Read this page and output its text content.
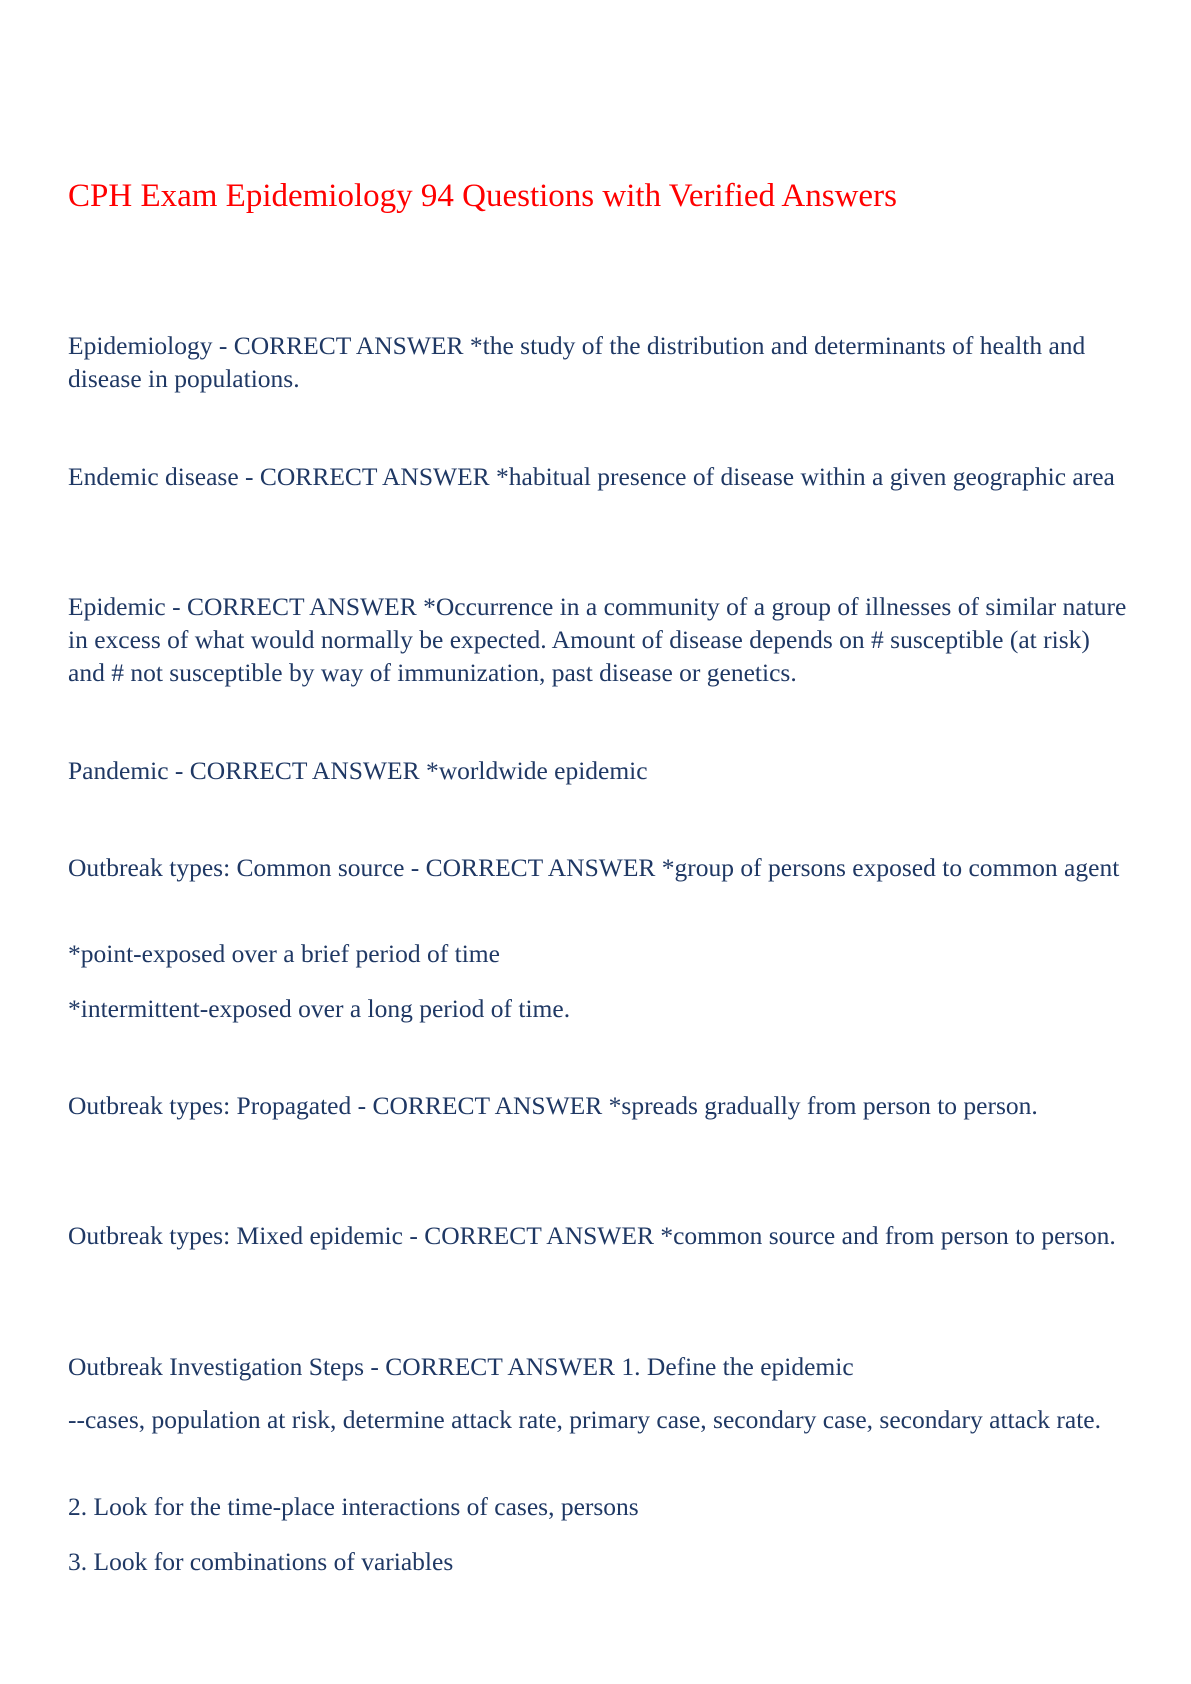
CPH Exam Epidemiology 94 Questions with Verified Answers

Epidemiology - CORRECT ANSWER *the study of the distribution and determinants of health and disease in populations.

Endemic disease - CORRECT ANSWER *habitual presence of disease within a given geographic area

Epidemic - CORRECT ANSWER *Occurrence in a community of a group of illnesses of similar nature in excess of what would normally be expected. Amount of disease depends on # susceptible (at risk) and # not susceptible by way of immunization, past disease or genetics.

Pandemic - CORRECT ANSWER *worldwide epidemic

Outbreak types: Common source - CORRECT ANSWER *group of persons exposed to common agent

*point-exposed over a brief period of time

*intermittent-exposed over a long period of time.

Outbreak types: Propagated - CORRECT ANSWER *spreads gradually from person to person.

Outbreak types: Mixed epidemic - CORRECT ANSWER *common source and from person to person.

Outbreak Investigation Steps - CORRECT ANSWER 1. Define the epidemic

--cases, population at risk, determine attack rate, primary case, secondary case, secondary attack rate.

2. Look for the time-place interactions of cases, persons

3. Look for combinations of variables
